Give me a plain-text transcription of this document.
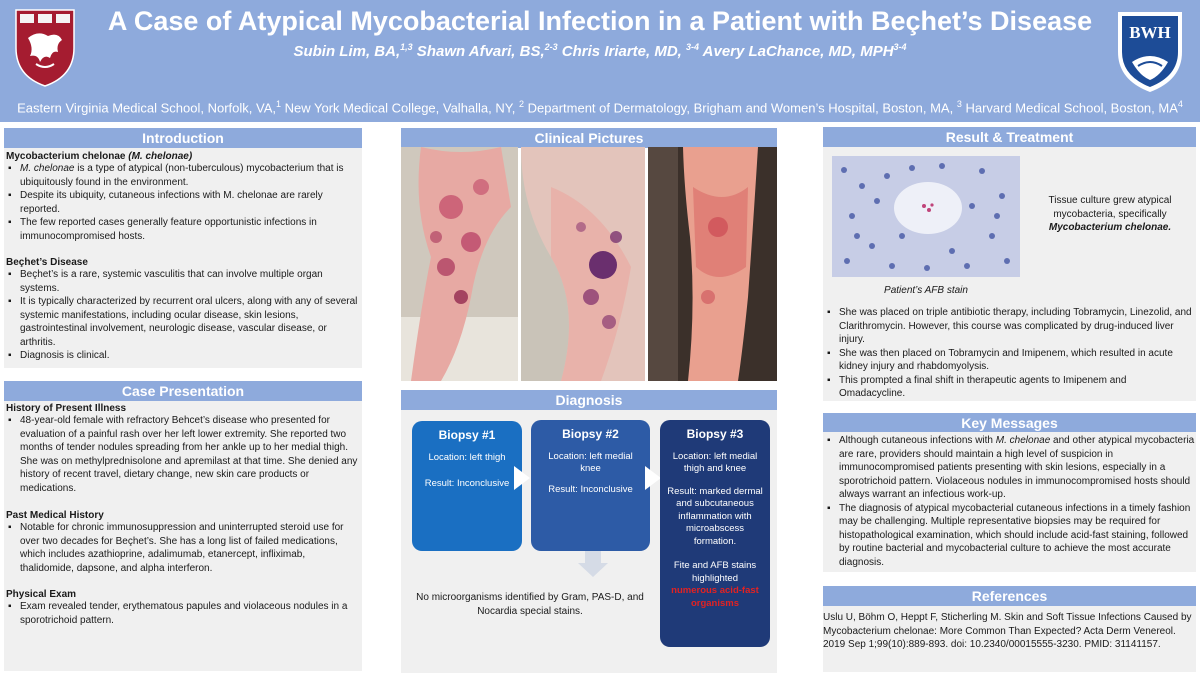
A Case of Atypical Mycobacterial Infection in a Patient with Beçhet’s Disease
Subin Lim, BA,$^{1,3}$ Shawn Afvari, BS,$^{2-3}$ Chris Iriarte, MD, $^{3-4}$ Avery LaChance, MD, MPH$^{3-4}$
Eastern Virginia Medical School, Norfolk, VA,$^1$ New York Medical College, Valhalla, NY, $^2$ Department of Dermatology, Brigham and Women’s Hospital, Boston, MA, $^3$ Harvard Medical School, Boston, $MA^4$
BWH
Introduction
Mycobacterium chelonae (M. chelonae)
▪ M. chelonae is a type of atypical (non-tuberculous) mycobacterium that is ubiquitously found in the environment.
▪ Despite its ubiquity, cutaneous infections with M. chelonae are rarely reported.
▪ The few reported cases generally feature opportunistic infections in immunocompromised hosts.
Beçhet’s Disease
▪ Beçhet’s is a rare, systemic vasculitis that can involve multiple organ systems.
▪ It is typically characterized by recurrent oral ulcers, along with any of several systemic manifestations, including ocular disease, skin lesions, gastrointestinal involvement, neurologic disease, vascular disease, or arthritis.
▪ Diagnosis is clinical.
Case Presentation
History of Present Illness
▪ 48-year-old female with refractory Behcet’s disease who presented for evaluation of a painful rash over her left lower extremity. She reported two months of tender nodules spreading from her ankle up to her medial thigh. She was on methylprednisolone and apremilast at that time. She denied any history of recent travel, dietary change, new skin care products or medications.
Past Medical History
▪ Notable for chronic immunosuppression and uninterrupted steroid use for over two decades for Beçhet’s. She has a long list of failed medications, which includes azathioprine, adalimumab, etanercept, infliximab, thalidomide, dapsone, and alpha interferon.
Physical Exam
▪ Exam revealed tender, erythematous papules and violaceous nodules in a sporotrichoid pattern.
Clinical Pictures
Diagnosis
Biopsy #1
Location: left thigh
Result: Inconclusive
Biopsy #2
Location: left medial knee
Result: Inconclusive
Biopsy #3
Location: left medial thigh and knee
Result: marked dermal and subcutaneous inflammation with microabscess formation.
Fite and AFB stains highlighted
numerous acid-fast organisms
No microorganisms identified by Gram, PAS-D, and Nocardia special stains.
Result & Treatment
Tissue culture grew atypical mycobacteria, specifically
Mycobacterium chelonae.
Patient’s AFB stain
▪ She was placed on triple antibiotic therapy, including Tobramycin, Linezolid, and Clarithromycin. However, this course was complicated by drug-induced liver injury.
▪ She was then placed on Tobramycin and Imipenem, which resulted in acute kidney injury and rhabdomyolysis.
▪ This prompted a final shift in therapeutic agents to Imipenem and Omadacycline.
Key Messages
▪ Although cutaneous infections with M. chelonae and other atypical mycobacteria are rare, providers should maintain a high level of suspicion in immunocompromised patients presenting with skin lesions, especially in a sporotrichoid pattern. Violaceous nodules in immunocompromised hosts should always warrant an infectious work-up.
▪ The diagnosis of atypical mycobacterial cutaneous infections in a timely fashion may be challenging. Multiple representative biopsies may be required for histopathological examination, which should include acid-fast staining, followed by routine bacterial and mycobacterial culture to achieve the most accurate diagnosis.
References
Uslu U, Böhm O, Heppt F, Sticherling M. Skin and Soft Tissue Infections Caused by Mycobacterium chelonae: More Common Than Expected? Acta Derm Venereol. 2019 Sep 1;99(10):889-893. doi: 10.2340/00015555-3230. PMID: 31141157.
